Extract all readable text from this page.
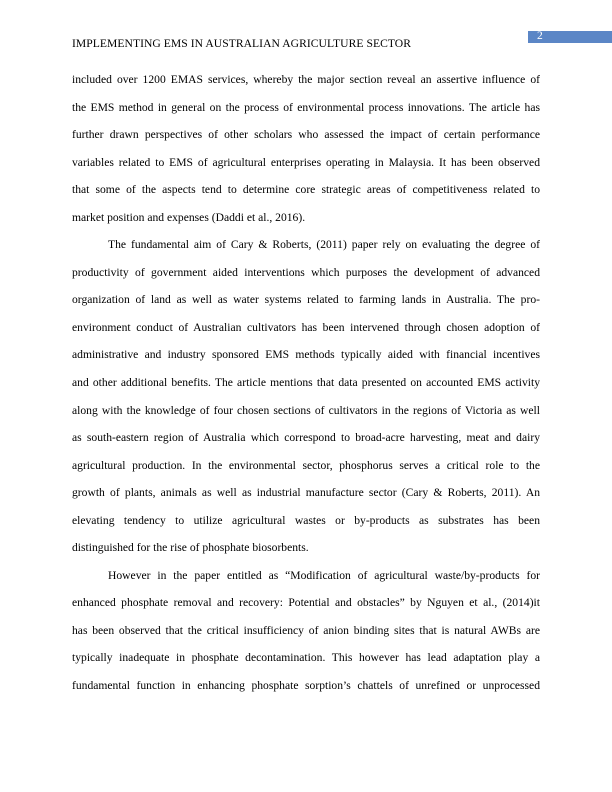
2
IMPLEMENTING EMS IN AUSTRALIAN AGRICULTURE SECTOR

included over 1200 EMAS services, whereby the major section reveal an assertive influence of
the EMS method in general on the process of environmental process innovations. The article has
further drawn perspectives of other scholars who assessed the impact of certain performance
variables related to EMS of agricultural enterprises operating in Malaysia. It has been observed
that some of the aspects tend to determine core strategic areas of competitiveness related to
market position and expenses (Daddi et al., 2016).

The fundamental aim of Cary & Roberts, (2011) paper rely on evaluating the degree of
productivity of government aided interventions which purposes the development of advanced
organization of land as well as water systems related to farming lands in Australia. The pro-
environment conduct of Australian cultivators has been intervened through chosen adoption of
administrative and industry sponsored EMS methods typically aided with financial incentives
and other additional benefits. The article mentions that data presented on accounted EMS activity
along with the knowledge of four chosen sections of cultivators in the regions of Victoria as well
as south-eastern region of Australia which correspond to broad-acre harvesting, meat and dairy
agricultural production. In the environmental sector, phosphorus serves a critical role to the
growth of plants, animals as well as industrial manufacture sector (Cary & Roberts, 2011). An
elevating tendency to utilize agricultural wastes or by-products as substrates has been
distinguished for the rise of phosphate biosorbents.

However in the paper entitled as “Modification of agricultural waste/by-products for
enhanced phosphate removal and recovery: Potential and obstacles” by Nguyen et al., (2014)it
has been observed that the critical insufficiency of anion binding sites that is natural AWBs are
typically inadequate in phosphate decontamination. This however has lead adaptation play a
fundamental function in enhancing phosphate sorption’s chattels of unrefined or unprocessed
